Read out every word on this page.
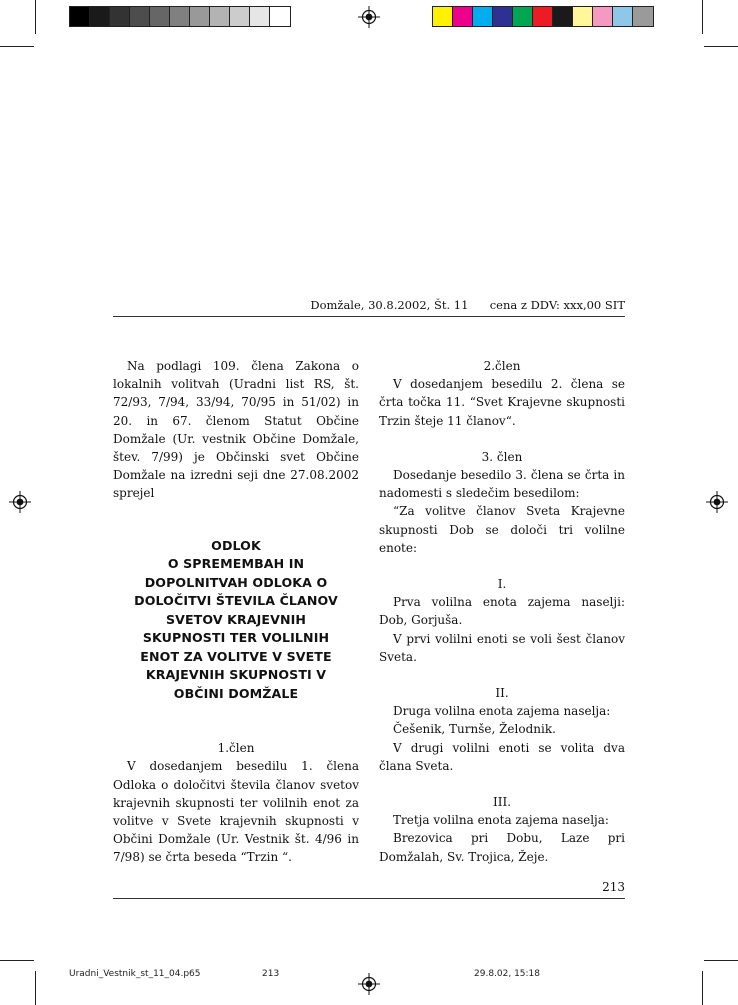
Domžale, 30.8.2002, Št. 11 cena z DDV: xxx,00 SIT

Na podlagi 109. člena Zakona o lokalnih volitvah (Uradni list RS, št. 72/93, 7/94, 33/94, 70/95 in 51/02) in 20. in 67. členom Statut Občine Domžale (Ur. vestnik Občine Domžale, štev. 7/99) je Občinski svet Občine Domžale na izredni seji dne 27.08.2002 sprejel

ODLOK
O SPREMEMBAH IN
DOPOLNITVAH ODLOKA O
DOLOČITVI ŠTEVILA ČLANOV
SVETOV KRAJEVNIH
SKUPNOSTI TER VOLILNIH
ENOT ZA VOLITVE V SVETE
KRAJEVNIH SKUPNOSTI V
OBČINI DOMŽALE

1.člen

V dosedanjem besedilu 1. člena Odloka o določitvi števila članov svetov krajevnih skupnosti ter volilnih enot za volitve v Svete krajevnih skupnosti v Občini Domžale (Ur. Vestnik št. 4/96 in 7/98) se črta beseda “Trzin “.

2.člen

V dosedanjem besedilu 2. člena se črta točka 11. “Svet Krajevne skupnosti Trzin šteje 11 članov“.

3. člen

Dosedanje besedilo 3. člena se črta in nadomesti s sledečim besedilom:

“Za volitve članov Sveta Krajevne skupnosti Dob se določi tri volilne enote:

I.

Prva volilna enota zajema naselji: Dob, Gorjuša.

V prvi volilni enoti se voli šest članov Sveta.

II.

Druga volilna enota zajema naselja:

Češenik, Turnše, Želodnik.

V drugi volilni enoti se volita dva člana Sveta.

III.

Tretja volilna enota zajema naselja:

Brezovica pri Dobu, Laze pri Domžalah, Sv. Trojica, Žeje.

213
Uradni_Vestnik_st_11_04.p65	213	29.8.02, 15:18
